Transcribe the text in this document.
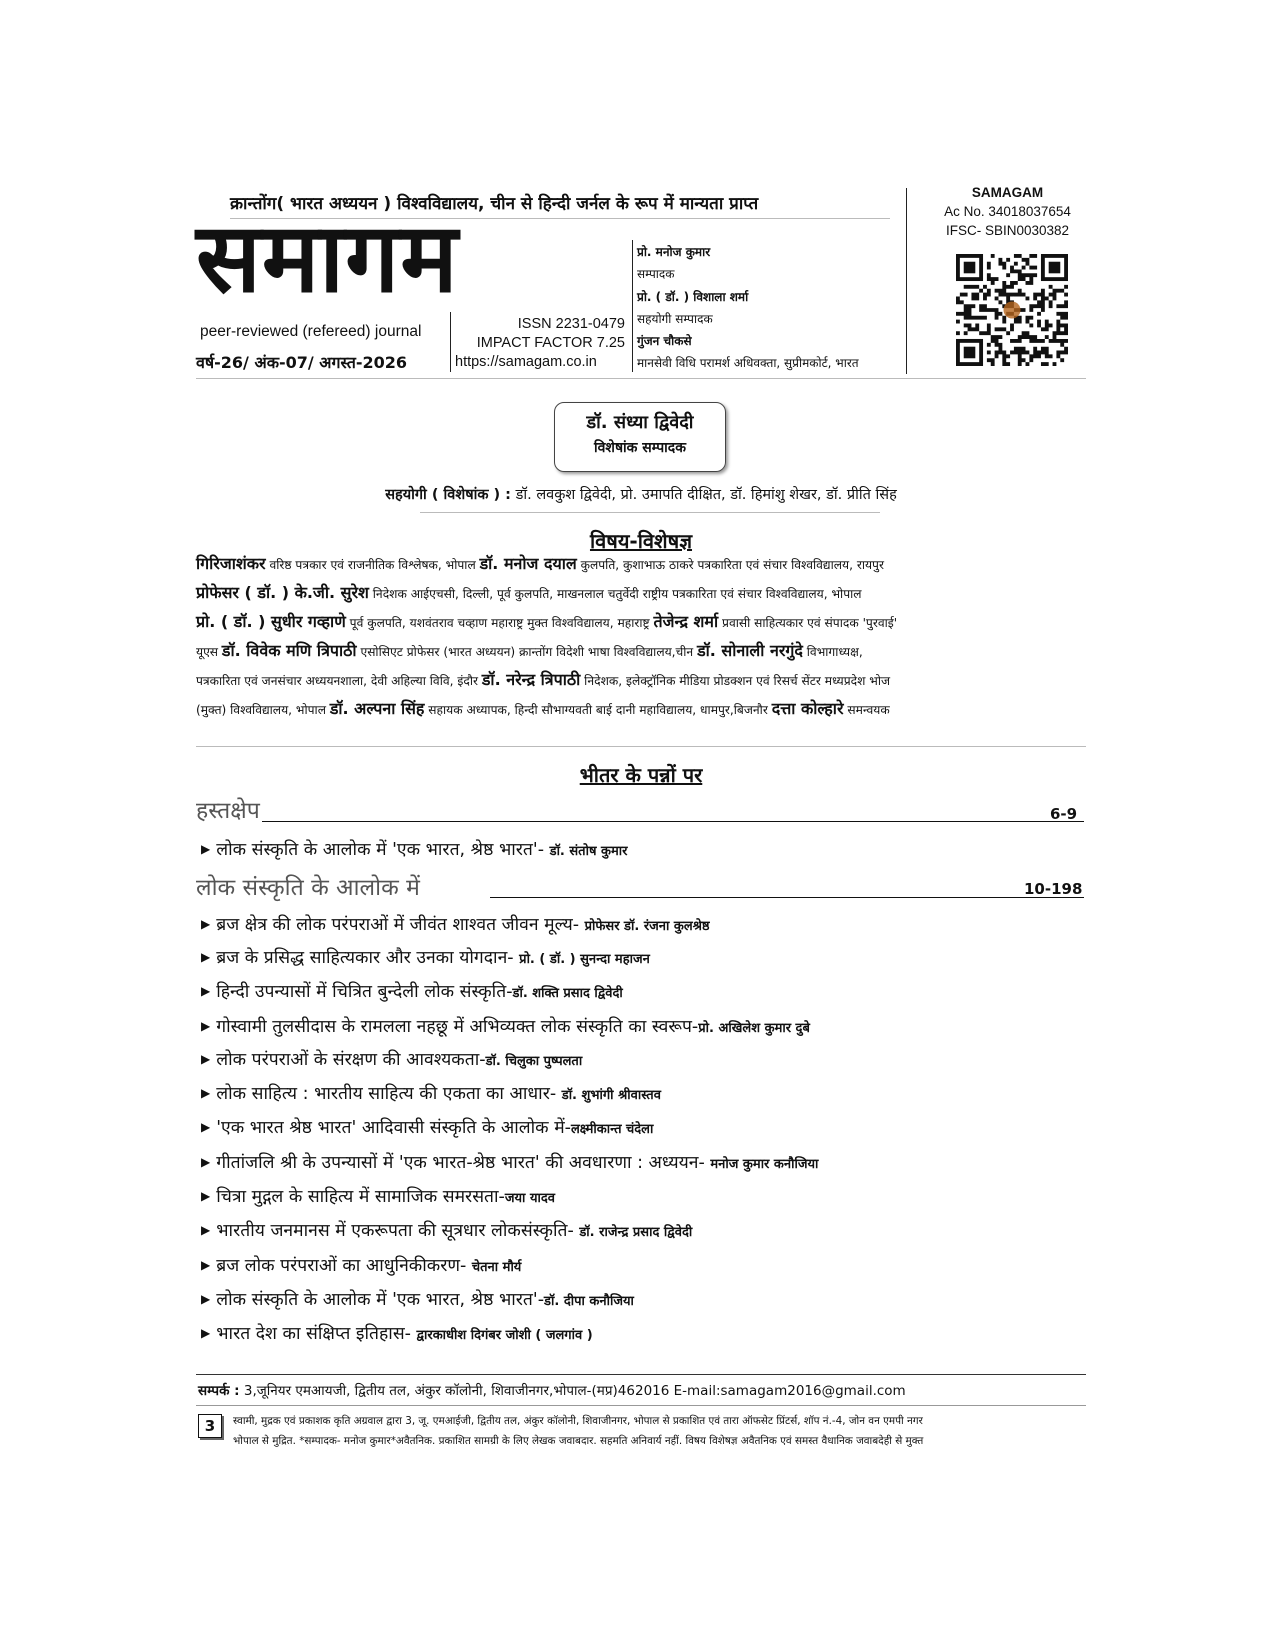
क्रान्तोंग( भारत अध्ययन ) विश्वविद्यालय, चीन से हिन्दी जर्नल के रूप में मान्यता प्राप्त
समागम
peer-reviewed (refereed) journal
वर्ष-26/ अंक-07/ अगस्त-2026
ISSN 2231-0479
IMPACT FACTOR 7.25
https://samagam.co.in
प्रो. मनोज कुमार
सम्पादक
प्रो. ( डॉ. ) विशाला शर्मा
सहयोगी सम्पादक
गुंजन चौकसे
मानसेवी विधि परामर्श अधिवक्ता, सुप्रीमकोर्ट, भारत
SAMAGAM
Ac No. 34018037654
IFSC- SBIN0030382
डॉ. संध्या द्विवेदी
विशेषांक सम्पादक
सहयोगी ( विशेषांक ) : डॉ. लवकुश द्विवेदी, प्रो. उमापति दीक्षित, डॉ. हिमांशु शेखर, डॉ. प्रीति सिंह
विषय-विशेषज्ञ
गिरिजाशंकर वरिष्ठ पत्रकार एवं राजनीतिक विश्लेषक, भोपाल डॉ. मनोज दयाल कुलपति, कुशाभाऊ ठाकरे पत्रकारिता एवं संचार विश्वविद्यालय, रायपुर
प्रोफेसर ( डॉ. ) के.जी. सुरेश निदेशक आईएचसी, दिल्ली, पूर्व कुलपति, माखनलाल चतुर्वेदी राष्ट्रीय पत्रकारिता एवं संचार विश्वविद्यालय, भोपाल
प्रो. ( डॉ. ) सुधीर गव्हाणे पूर्व कुलपति, यशवंतराव चव्हाण महाराष्ट्र मुक्त विश्वविद्यालय, महाराष्ट्र तेजेन्द्र शर्मा प्रवासी साहित्यकार एवं संपादक 'पुरवाई'
यूएस डॉ. विवेक मणि त्रिपाठी एसोसिएट प्रोफेसर (भारत अध्ययन) क्रान्तोंग विदेशी भाषा विश्वविद्यालय,चीन डॉ. सोनाली नरगुंदे विभागाध्यक्ष,
पत्रकारिता एवं जनसंचार अध्ययनशाला, देवी अहिल्या विवि, इंदौर डॉ. नरेन्द्र त्रिपाठी निदेशक, इलेक्ट्रॉनिक मीडिया प्रोडक्शन एवं रिसर्च सेंटर मध्यप्रदेश भोज
(मुक्त) विश्वविद्यालय, भोपाल डॉ. अल्पना सिंह सहायक अध्यापक, हिन्दी सौभाग्यवती बाई दानी महाविद्यालय, धामपुर,बिजनौर दत्ता कोल्हारे समन्वयक
भीतर के पन्नों पर
हस्तक्षेप	6-9
▶ लोक संस्कृति के आलोक में 'एक भारत, श्रेष्ठ भारत'- डॉ. संतोष कुमार
लोक संस्कृति के आलोक में	10-198
▶ ब्रज क्षेत्र की लोक परंपराओं में जीवंत शाश्वत जीवन मूल्य- प्रोफेसर डॉ. रंजना कुलश्रेष्ठ
▶ ब्रज के प्रसिद्ध साहित्यकार और उनका योगदान- प्रो. ( डॉ. ) सुनन्दा महाजन
▶ हिन्दी उपन्यासों में चित्रित बुन्देली लोक संस्कृति-डॉ. शक्ति प्रसाद द्विवेदी
▶ गोस्वामी तुलसीदास के रामलला नहछू में अभिव्यक्त लोक संस्कृति का स्वरूप-प्रो. अखिलेश कुमार दुबे
▶ लोक परंपराओं के संरक्षण की आवश्यकता-डॉ. चिलुका पुष्पलता
▶ लोक साहित्य : भारतीय साहित्य की एकता का आधार- डॉ. शुभांगी श्रीवास्तव
▶ 'एक भारत श्रेष्ठ भारत' आदिवासी संस्कृति के आलोक में-लक्ष्मीकान्त चंदेला
▶ गीतांजलि श्री के उपन्यासों में 'एक भारत-श्रेष्ठ भारत' की अवधारणा : अध्ययन- मनोज कुमार कनौजिया
▶ चित्रा मुद्गल के साहित्य में सामाजिक समरसता-जया यादव
▶ भारतीय जनमानस में एकरूपता की सूत्रधार लोकसंस्कृति- डॉ. राजेन्द्र प्रसाद द्विवेदी
▶ ब्रज लोक परंपराओं का आधुनिकीकरण- चेतना मौर्य
▶ लोक संस्कृति के आलोक में 'एक भारत, श्रेष्ठ भारत'-डॉ. दीपा कनौजिया
▶ भारत देश का संक्षिप्त इतिहास- द्वारकाधीश दिगंबर जोशी ( जलगांव )
सम्पर्क : 3,जूनियर एमआयजी, द्वितीय तल, अंकुर कॉलोनी, शिवाजीनगर,भोपाल-(मप्र)462016 E-mail:samagam2016@gmail.com
3	स्वामी, मुद्रक एवं प्रकाशक कृति अग्रवाल द्वारा 3, जू. एमआईजी, द्वितीय तल, अंकुर कॉलोनी, शिवाजीनगर, भोपाल से प्रकाशित एवं तारा ऑफसेट प्रिंटर्स, शॉप नं.-4, जोन वन एमपी नगर
भोपाल से मुद्रित. *सम्पादक- मनोज कुमार*अवैतनिक. प्रकाशित सामग्री के लिए लेखक जवाबदार. सहमति अनिवार्य नहीं. विषय विशेषज्ञ अवैतनिक एवं समस्त वैधानिक जवाबदेही से मुक्त
